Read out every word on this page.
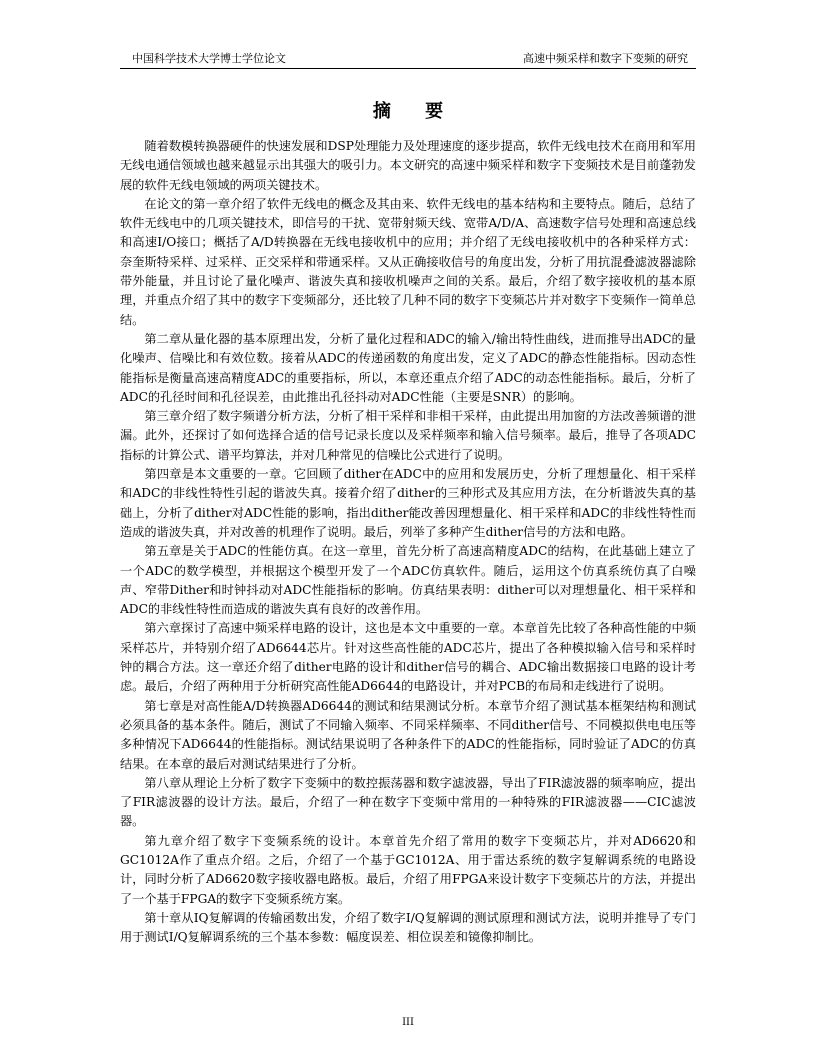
中国科学技术大学博士学位论文	高速中频采样和数字下变频的研究
摘 要

随着数模转换器硬件的快速发展和DSP处理能力及处理速度的逐步提高，软件无线电技术在商用和军用无线电通信领域也越来越显示出其强大的吸引力。本文研究的高速中频采样和数字下变频技术是目前蓬勃发展的软件无线电领域的两项关键技术。

在论文的第一章介绍了软件无线电的概念及其由来、软件无线电的基本结构和主要特点。随后，总结了软件无线电中的几项关键技术，即信号的干扰、宽带射频天线、宽带A/D/A、高速数字信号处理和高速总线和高速I/O接口；概括了A/D转换器在无线电接收机中的应用；并介绍了无线电接收机中的各种采样方式：奈奎斯特采样、过采样、正交采样和带通采样。又从正确接收信号的角度出发，分析了用抗混叠滤波器滤除带外能量，并且讨论了量化噪声、谐波失真和接收机噪声之间的关系。最后，介绍了数字接收机的基本原理，并重点介绍了其中的数字下变频部分，还比较了几种不同的数字下变频芯片并对数字下变频作一简单总结。

第二章从量化器的基本原理出发，分析了量化过程和ADC的输入/输出特性曲线，进而推导出ADC的量化噪声、信噪比和有效位数。接着从ADC的传递函数的角度出发，定义了ADC的静态性能指标。因动态性能指标是衡量高速高精度ADC的重要指标，所以，本章还重点介绍了ADC的动态性能指标。最后，分析了ADC的孔径时间和孔径误差，由此推出孔径抖动对ADC性能（主要是SNR）的影响。

第三章介绍了数字频谱分析方法，分析了相干采样和非相干采样，由此提出用加窗的方法改善频谱的泄漏。此外，还探讨了如何选择合适的信号记录长度以及采样频率和输入信号频率。最后，推导了各项ADC指标的计算公式、谱平均算法，并对几种常见的信噪比公式进行了说明。

第四章是本文重要的一章。它回顾了dither在ADC中的应用和发展历史，分析了理想量化、相干采样和ADC的非线性特性引起的谐波失真。接着介绍了dither的三种形式及其应用方法，在分析谐波失真的基础上，分析了dither对ADC性能的影响，指出dither能改善因理想量化、相干采样和ADC的非线性特性而造成的谐波失真，并对改善的机理作了说明。最后，列举了多种产生dither信号的方法和电路。

第五章是关于ADC的性能仿真。在这一章里，首先分析了高速高精度ADC的结构，在此基础上建立了一个ADC的数学模型，并根据这个模型开发了一个ADC仿真软件。随后，运用这个仿真系统仿真了白噪声、窄带Dither和时钟抖动对ADC性能指标的影响。仿真结果表明：dither可以对理想量化、相干采样和ADC的非线性特性而造成的谐波失真有良好的改善作用。

第六章探讨了高速中频采样电路的设计，这也是本文中重要的一章。本章首先比较了各种高性能的中频采样芯片，并特别介绍了AD6644芯片。针对这些高性能的ADC芯片，提出了各种模拟输入信号和采样时钟的耦合方法。这一章还介绍了dither电路的设计和dither信号的耦合、ADC输出数据接口电路的设计考虑。最后，介绍了两种用于分析研究高性能AD6644的电路设计，并对PCB的布局和走线进行了说明。

第七章是对高性能A/D转换器AD6644的测试和结果测试分析。本章节介绍了测试基本框架结构和测试必须具备的基本条件。随后，测试了不同输入频率、不同采样频率、不同dither信号、不同模拟供电电压等多种情况下AD6644的性能指标。测试结果说明了各种条件下的ADC的性能指标，同时验证了ADC的仿真结果。在本章的最后对测试结果进行了分析。

第八章从理论上分析了数字下变频中的数控振荡器和数字滤波器，导出了FIR滤波器的频率响应，提出了FIR滤波器的设计方法。最后，介绍了一种在数字下变频中常用的一种特殊的FIR滤波器——CIC滤波器。

第九章介绍了数字下变频系统的设计。本章首先介绍了常用的数字下变频芯片，并对AD6620和GC1012A作了重点介绍。之后，介绍了一个基于GC1012A、用于雷达系统的数字复解调系统的电路设计，同时分析了AD6620数字接收器电路板。最后，介绍了用FPGA来设计数字下变频芯片的方法，并提出了一个基于FPGA的数字下变频系统方案。

第十章从IQ复解调的传输函数出发，介绍了数字I/Q复解调的测试原理和测试方法，说明并推导了专门用于测试I/Q复解调系统的三个基本参数：幅度误差、相位误差和镜像抑制比。

III
